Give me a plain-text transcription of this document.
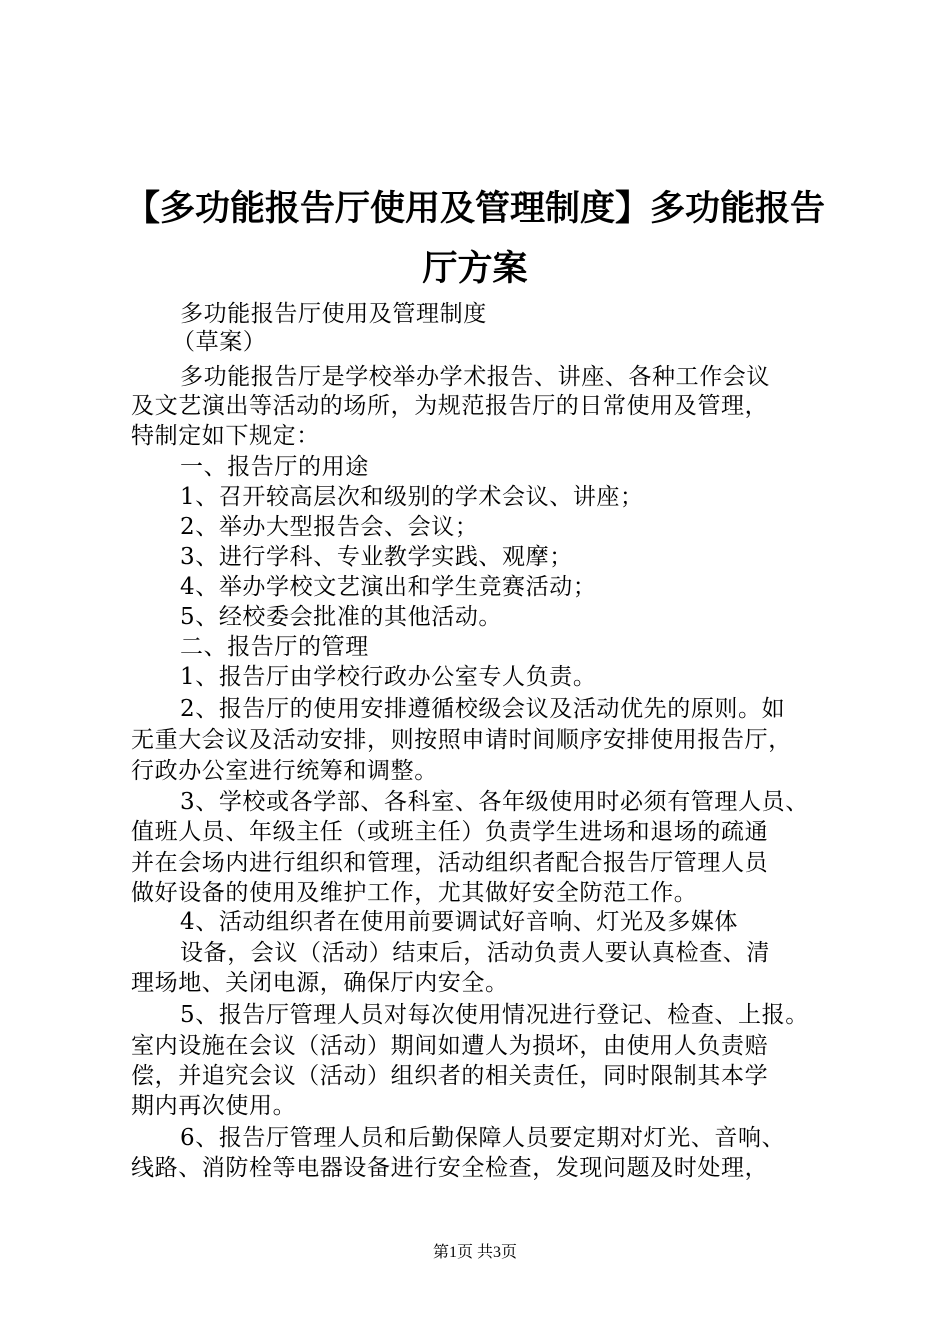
【多功能报告厅使用及管理制度】多功能报告
厅方案
多功能报告厅使用及管理制度
（草案）
多功能报告厅是学校举办学术报告、讲座、各种工作会议
及文艺演出等活动的场所，为规范报告厅的日常使用及管理，
特制定如下规定：
一、报告厅的用途
1、召开较高层次和级别的学术会议、讲座；
2、举办大型报告会、会议；
3、进行学科、专业教学实践、观摩；
4、举办学校文艺演出和学生竞赛活动；
5、经校委会批准的其他活动。
二、报告厅的管理
1、报告厅由学校行政办公室专人负责。
2、报告厅的使用安排遵循校级会议及活动优先的原则。如
无重大会议及活动安排，则按照申请时间顺序安排使用报告厅，
行政办公室进行统筹和调整。
3、学校或各学部、各科室、各年级使用时必须有管理人员、
值班人员、年级主任（或班主任）负责学生进场和退场的疏通
并在会场内进行组织和管理，活动组织者配合报告厅管理人员
做好设备的使用及维护工作，尤其做好安全防范工作。
4、活动组织者在使用前要调试好音响、灯光及多媒体
设备，会议（活动）结束后，活动负责人要认真检查、清
理场地、关闭电源，确保厅内安全。
5、报告厅管理人员对每次使用情况进行登记、检查、上报。
室内设施在会议（活动）期间如遭人为损坏，由使用人负责赔
偿，并追究会议（活动）组织者的相关责任，同时限制其本学
期内再次使用。
6、报告厅管理人员和后勤保障人员要定期对灯光、音响、
线路、消防栓等电器设备进行安全检查，发现问题及时处理，
第1页 共3页
